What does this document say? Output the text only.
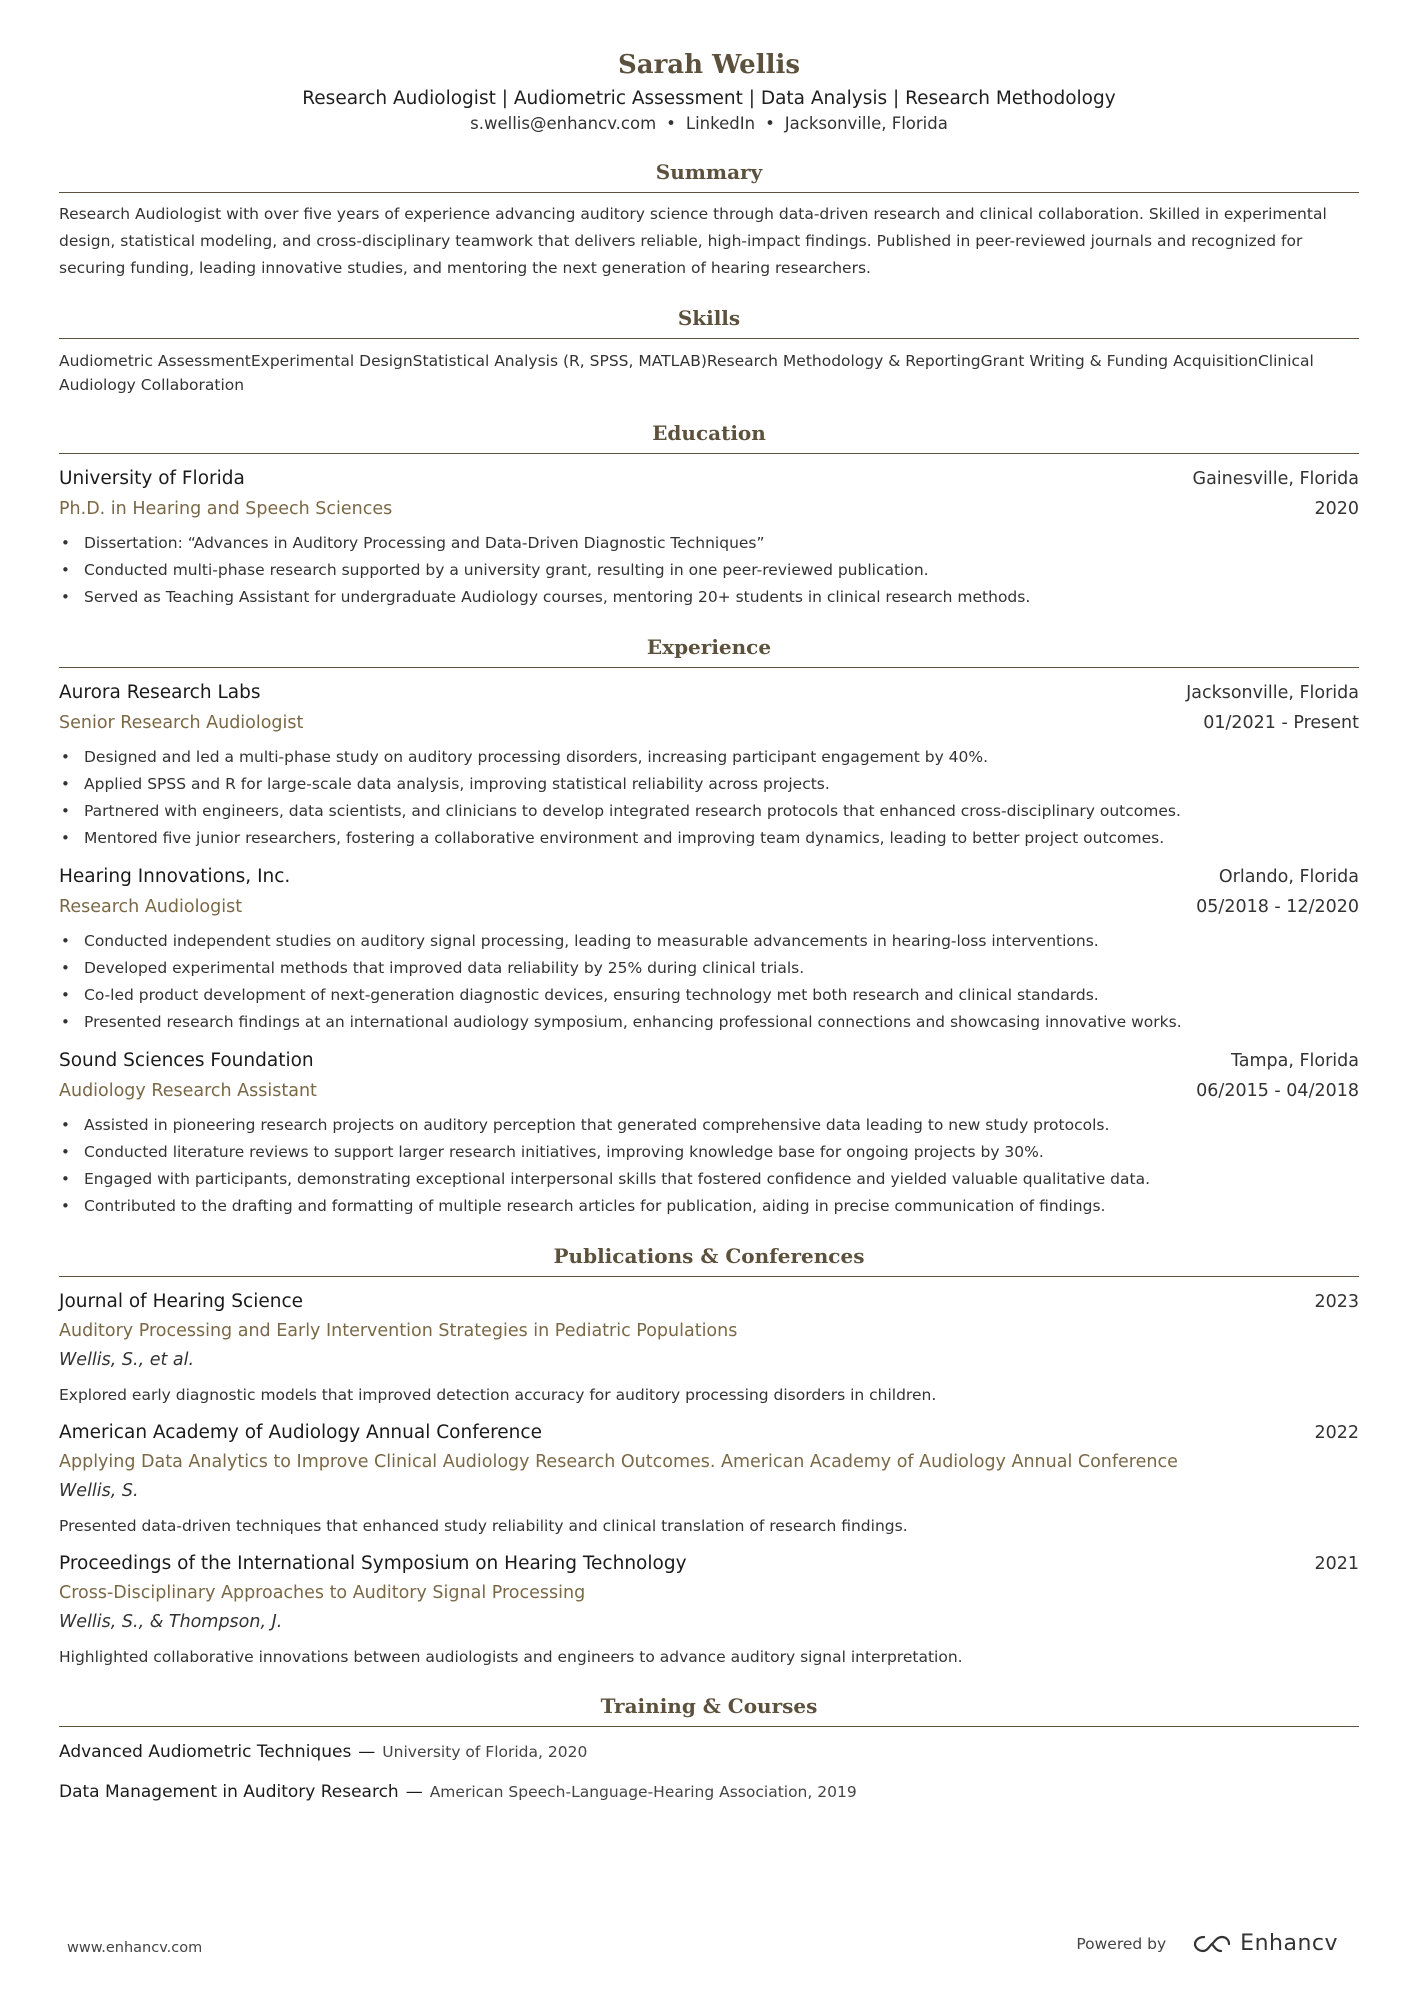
Sarah Wellis
Research Audiologist | Audiometric Assessment | Data Analysis | Research Methodology
s.wellis@enhancv.com • LinkedIn • Jacksonville, Florida
Summary
Research Audiologist with over five years of experience advancing auditory science through data-driven research and clinical collaboration. Skilled in experimental design, statistical modeling, and cross-disciplinary teamwork that delivers reliable, high-impact findings. Published in peer-reviewed journals and recognized for securing funding, leading innovative studies, and mentoring the next generation of hearing researchers.
Skills
Audiometric AssessmentExperimental DesignStatistical Analysis (R, SPSS, MATLAB)Research Methodology & ReportingGrant Writing & Funding AcquisitionClinical Audiology Collaboration
Education
University of Florida	Gainesville, Florida
Ph.D. in Hearing and Speech Sciences	2020
• Dissertation: “Advances in Auditory Processing and Data-Driven Diagnostic Techniques”
• Conducted multi-phase research supported by a university grant, resulting in one peer-reviewed publication.
• Served as Teaching Assistant for undergraduate Audiology courses, mentoring 20+ students in clinical research methods.
Experience
Aurora Research Labs	Jacksonville, Florida
Senior Research Audiologist	01/2021 - Present
• Designed and led a multi-phase study on auditory processing disorders, increasing participant engagement by 40%.
• Applied SPSS and R for large-scale data analysis, improving statistical reliability across projects.
• Partnered with engineers, data scientists, and clinicians to develop integrated research protocols that enhanced cross-disciplinary outcomes.
• Mentored five junior researchers, fostering a collaborative environment and improving team dynamics, leading to better project outcomes.
Hearing Innovations, Inc.	Orlando, Florida
Research Audiologist	05/2018 - 12/2020
• Conducted independent studies on auditory signal processing, leading to measurable advancements in hearing-loss interventions.
• Developed experimental methods that improved data reliability by 25% during clinical trials.
• Co-led product development of next-generation diagnostic devices, ensuring technology met both research and clinical standards.
• Presented research findings at an international audiology symposium, enhancing professional connections and showcasing innovative works.
Sound Sciences Foundation	Tampa, Florida
Audiology Research Assistant	06/2015 - 04/2018
• Assisted in pioneering research projects on auditory perception that generated comprehensive data leading to new study protocols.
• Conducted literature reviews to support larger research initiatives, improving knowledge base for ongoing projects by 30%.
• Engaged with participants, demonstrating exceptional interpersonal skills that fostered confidence and yielded valuable qualitative data.
• Contributed to the drafting and formatting of multiple research articles for publication, aiding in precise communication of findings.
Publications & Conferences
Journal of Hearing Science	2023
Auditory Processing and Early Intervention Strategies in Pediatric Populations
Wellis, S., et al.
Explored early diagnostic models that improved detection accuracy for auditory processing disorders in children.
American Academy of Audiology Annual Conference	2022
Applying Data Analytics to Improve Clinical Audiology Research Outcomes. American Academy of Audiology Annual Conference
Wellis, S.
Presented data-driven techniques that enhanced study reliability and clinical translation of research findings.
Proceedings of the International Symposium on Hearing Technology	2021
Cross-Disciplinary Approaches to Auditory Signal Processing
Wellis, S., & Thompson, J.
Highlighted collaborative innovations between audiologists and engineers to advance auditory signal interpretation.
Training & Courses
Advanced Audiometric Techniques — University of Florida, 2020
Data Management in Auditory Research — American Speech-Language-Hearing Association, 2019
www.enhancv.com	Powered by	Enhancv
